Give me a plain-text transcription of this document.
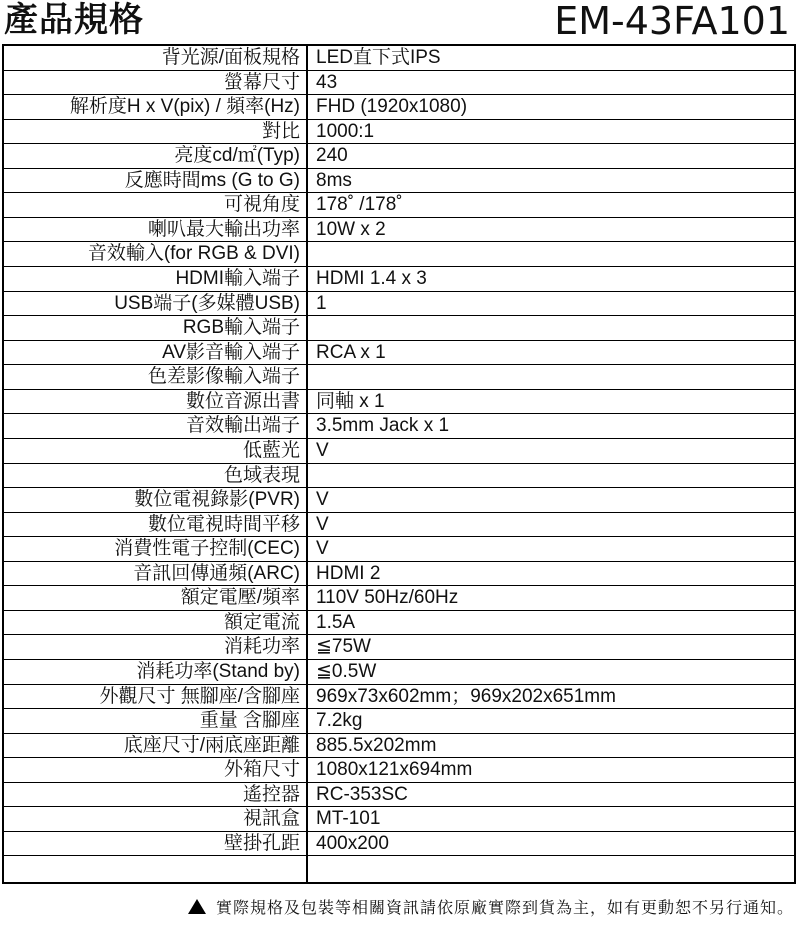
產品規格	EM-43FA101
背光源/面板規格 LED直下式IPS
螢幕尺寸 43
解析度H x V(pix) / 頻率(Hz) FHD (1920x1080)
對比 1000:1
亮度cd/㎡(Typ) 240
反應時間ms (G to G) 8ms
可視角度 178˚ /178˚
喇叭最大輸出功率 10W x 2
音效輸入(for RGB & DVI)
HDMI輸入端子 HDMI 1.4 x 3
USB端子(多媒體USB) 1
RGB輸入端子
AV影音輸入端子 RCA x 1
色差影像輸入端子
數位音源出書 同軸 x 1
音效輸出端子 3.5mm Jack x 1
低藍光 V
色域表現
數位電視錄影(PVR) V
數位電視時間平移 V
消費性電子控制(CEC) V
音訊回傳通頻(ARC) HDMI 2
額定電壓/頻率 110V 50Hz/60Hz
額定電流 1.5A
消耗功率 ≦75W
消耗功率(Stand by) ≦0.5W
外觀尺寸 無腳座/含腳座 969x73x602mm；969x202x651mm
重量 含腳座 7.2kg
底座尺寸/兩底座距離 885.5x202mm
外箱尺寸 1080x121x694mm
遙控器 RC-353SC
視訊盒 MT-101
壁掛孔距 400x200
實際規格及包裝等相關資訊請依原廠實際到貨為主，如有更動恕不另行通知。
